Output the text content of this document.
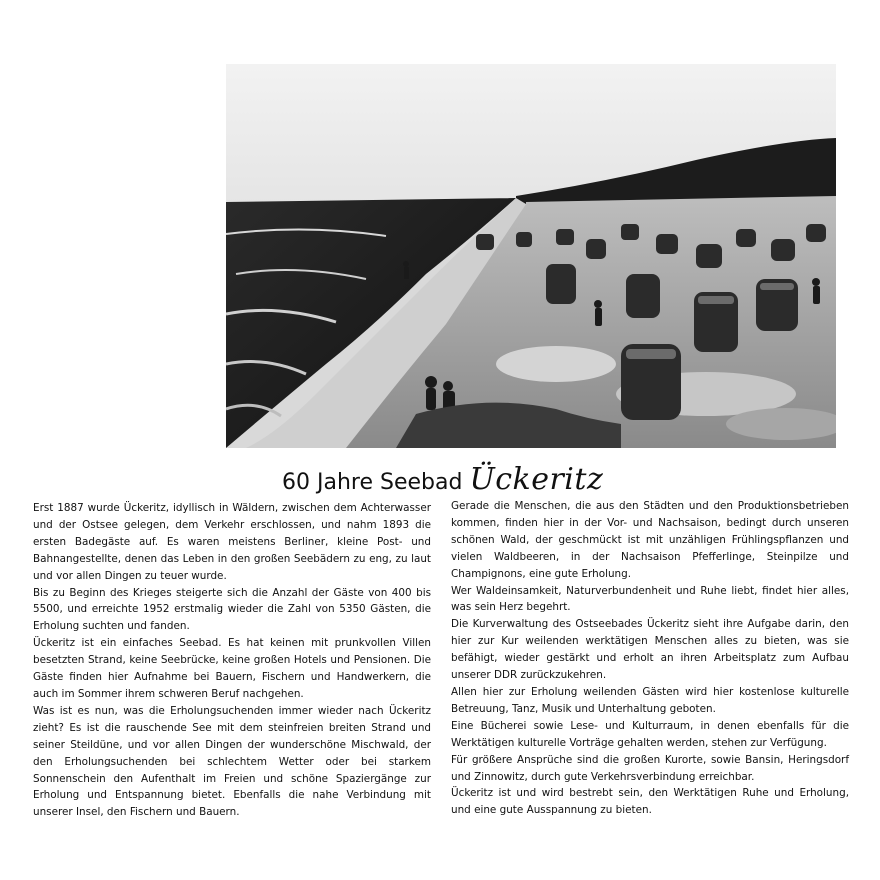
60 Jahre Seebad Ückeritz

Erst 1887 wurde Ückeritz, idyllisch in Wäldern, zwischen dem Achterwasser und der Ostsee gelegen, dem Verkehr erschlossen, und nahm 1893 die ersten Badegäste auf. Es waren meistens Berliner, kleine Post- und Bahnangestellte, denen das Leben in den großen Seebädern zu eng, zu laut und vor allen Dingen zu teuer wurde.

Bis zu Beginn des Krieges steigerte sich die Anzahl der Gäste von 400 bis 5500, und erreichte 1952 erstmalig wieder die Zahl von 5350 Gästen, die Erholung suchten und fanden.

Ückeritz ist ein einfaches Seebad. Es hat keinen mit prunkvollen Villen besetzten Strand, keine Seebrücke, keine großen Hotels und Pensionen. Die Gäste finden hier Aufnahme bei Bauern, Fischern und Handwerkern, die auch im Sommer ihrem schweren Beruf nachgehen.

Was ist es nun, was die Erholungsuchenden immer wieder nach Ückeritz zieht? Es ist die rauschende See mit dem steinfreien breiten Strand und seiner Steildüne, und vor allen Dingen der wunderschöne Mischwald, der den Erholungsuchenden bei schlechtem Wetter oder bei starkem Sonnenschein den Aufenthalt im Freien und schöne Spaziergänge zur Erholung und Entspannung bietet. Ebenfalls die nahe Verbindung mit unserer Insel, den Fischern und Bauern.

Gerade die Menschen, die aus den Städten und den Produktionsbetrieben kommen, finden hier in der Vor- und Nachsaison, bedingt durch unseren schönen Wald, der geschmückt ist mit unzähligen Frühlingspflanzen und vielen Waldbeeren, in der Nachsaison Pfefferlinge, Steinpilze und Champignons, eine gute Erholung.

Wer Waldeinsamkeit, Naturverbundenheit und Ruhe liebt, findet hier alles, was sein Herz begehrt.

Die Kurverwaltung des Ostseebades Ückeritz sieht ihre Aufgabe darin, den hier zur Kur weilenden werktätigen Menschen alles zu bieten, was sie befähigt, wieder gestärkt und erholt an ihren Arbeitsplatz zum Aufbau unserer DDR zurückzukehren.

Allen hier zur Erholung weilenden Gästen wird hier kostenlose kulturelle Betreuung, Tanz, Musik und Unterhaltung geboten.

Eine Bücherei sowie Lese- und Kulturraum, in denen ebenfalls für die Werktätigen kulturelle Vorträge gehalten werden, stehen zur Verfügung.

Für größere Ansprüche sind die großen Kurorte, sowie Bansin, Heringsdorf und Zinnowitz, durch gute Verkehrsverbindung erreichbar.

Ückeritz ist und wird bestrebt sein, den Werktätigen Ruhe und Erholung, und eine gute Ausspannung zu bieten.
